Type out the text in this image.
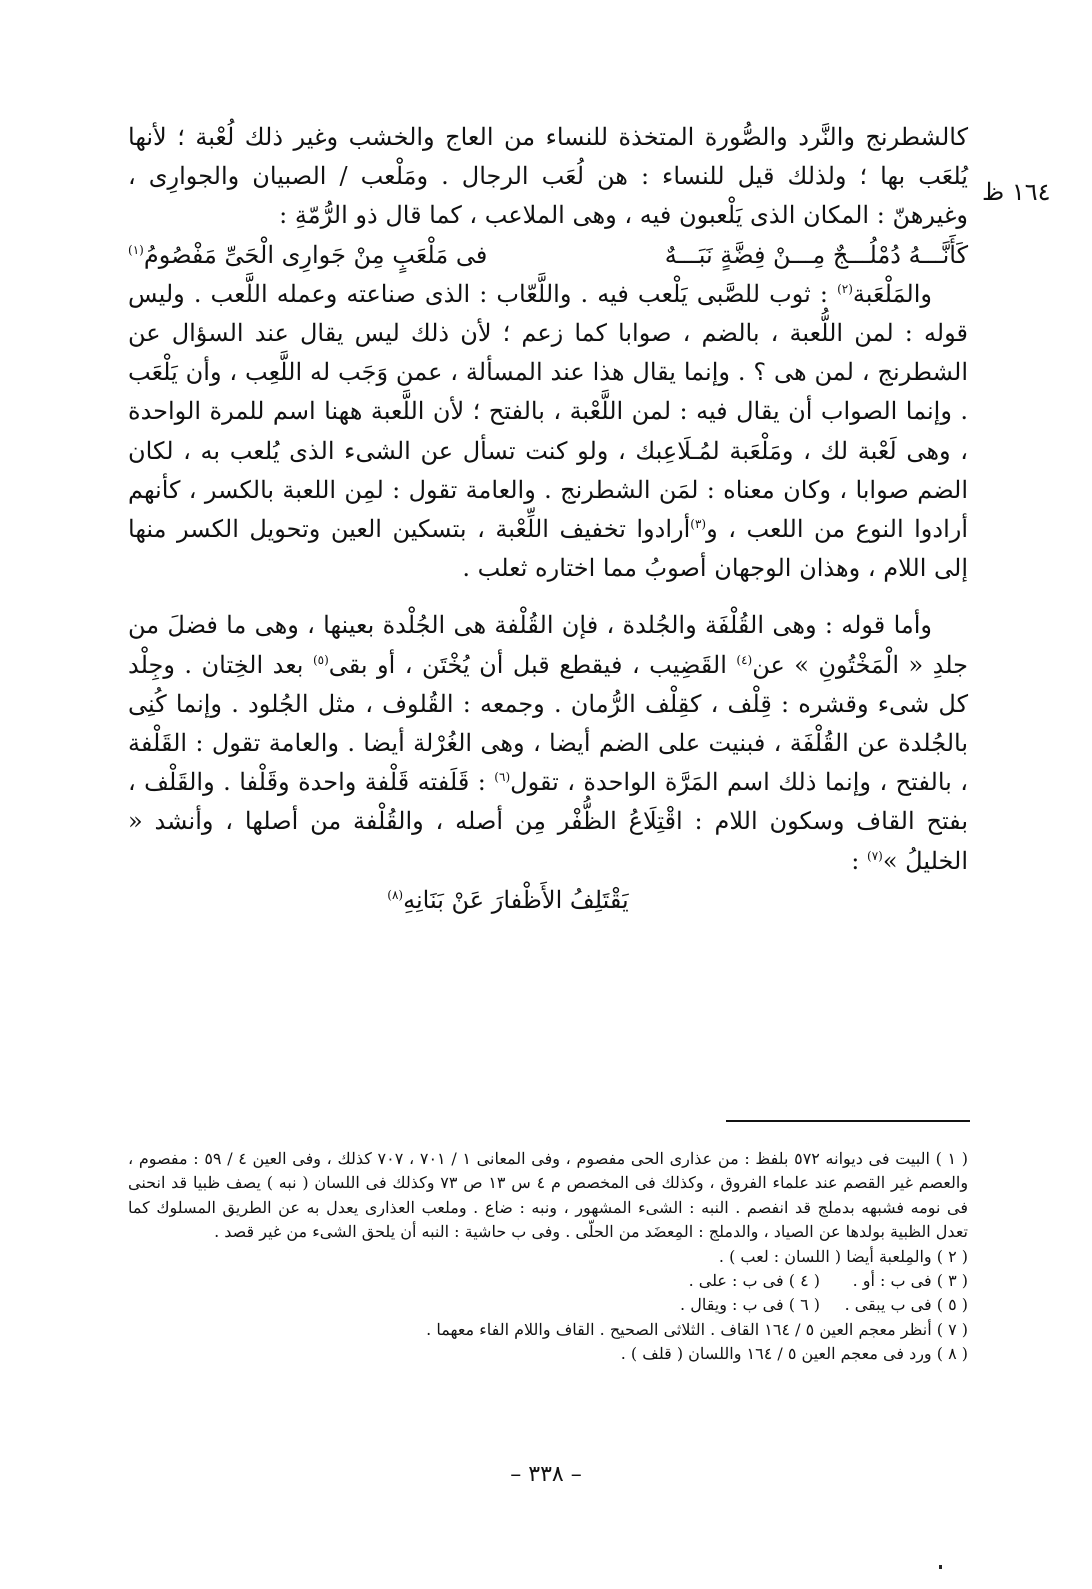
١٦٤ ظ

كالشطرنج والنَّرد والصُّورة المتخذة للنساء من العاج والخشب وغير ذلك لُعْبة ؛ لأنها يُلعَب بها ؛ ولذلك قيل للنساء : هن لُعَب الرجال . ومَلْعب / الصبيان والجوارِى ، وغيرهنّ : المكان الذى يَلْعبون فيه ، وهى الملاعب ، كما قال ذو الرُّمّةِ :

كَأَنَّـــهُ دُمْلُـــجٌ مِـــنْ فِضَّةٍ نَبَـــهٌ
فى مَلْعَبٍ مِنْ جَوارِى الْحَىِّ مَفْصُومُ$^{(١)}$

والمَلْعَبة$^{(٢)}$ : ثوب للصَّبى يَلْعب فيه . واللَّعّاب : الذى صناعته وعمله اللَّعب . وليس قوله : لمن اللُّعبة ، بالضم ، صوابا كما زعم ؛ لأن ذلك ليس يقال عند السؤال عن الشطرنج ، لمن هى ؟ . وإنما يقال هذا عند المسألة ، عمن وَجَب له اللَّعِب ، وأن يَلْعَب . وإنما الصواب أن يقال فيه : لمن اللَّعْبة ، بالفتح ؛ لأن اللَّعبة ههنا اسم للمرة الواحدة ، وهى لَعْبة لك ، ومَلْعَبة لمُـلَاعِبك ، ولو كنت تسأل عن الشىء الذى يُلعب به ، لكان الضم صوابا ، وكان معناه : لمَن الشطرنج . والعامة تقول : لمِن اللعبة بالكسر ، كأنهم أرادوا النوع من اللعب ، و$^{(٣)}$أرادوا تخفيف اللِّعْبة ، بتسكين العين وتحويل الكسر منها إلى اللام ، وهذان الوجهان أصوبُ مما اختاره ثعلب .

وأما قوله : وهى القُلْفَة والجُلدة ، فإن القُلْفة هى الجُلْدة بعينها ، وهى ما فضلَ من جلدِ « الْمَخْتُونِ » عن$^{(٤)}$ القَضِيب ، فيقطع قبل أن يُخْتَن ، أو بقى$^{(٥)}$ بعد الخِتان . وجِلْد كل شىء وقشره : قِلْف ، كقِلْف الرُّمان . وجمعه : القُلوف ، مثل الجُلود . وإنما كُنِى بالجُلدة عن القُلْفَة ، فبنيت على الضم أيضا ، وهى الغُرْلة أيضا . والعامة تقول : القَلْفة ، بالفتح ، وإنما ذلك اسم المَرَّة الواحدة ، تقول$^{(٦)}$ : قَلَفته قَلْفة واحدة وقَلْفا . والقَلْف ، بفتح القاف وسكون اللام : اقْتِلَاعُ الظُّفْر مِن أصله ، والقُلْفة من أصلها ، وأنشد « الخليلُ »$^{(٧)}$ :

يَقْتَلِفُ الأَظْفارَ عَنْ بَنَانِهِ$^{(٨)}$

( ١ ) البيت فى ديوانه ٥٧٢ بلفظ : من عذارى الحى مفصوم ، وفى المعانى ١ / ٧٠١ ، ٧٠٧ كذلك ، وفى العين ٤ / ٥٩ : مفصوم ، والعصم غير القصم عند علماء الفروق ، وكذلك فى المخصص م ٤ س ١٣ ص ٧٣ وكذلك فى اللسان ( نبه ) يصف ظبيا قد انحنى فى نومه فشبهه بدملج قد انفصم . النبه : الشىء المشهور ، ونبه : ضاع . وملعب العذارى يعدل به عن الطريق المسلوك كما تعدل الظبية بولدها عن الصياد ، والدملج : المِعضَد من الحلّى . وفى ب حاشية : النبه أن يلحق الشىء من غير قصد .

( ٢ ) والمِلعبة أيضا ( اللسان : لعب ) .

( ٣ ) فى ب : أو .
( ٤ ) فى ب : على .
( ٥ ) فى ب يبقى .
( ٦ ) فى ب : ويقال .

( ٧ ) أنظر معجم العين ٥ / ١٦٤ القاف . الثلاثى الصحيح . القاف واللام الفاء معهما .

( ٨ ) ورد فى معجم العين ٥ / ١٦٤ واللسان ( قلف ) .

– ٣٣٨ –
